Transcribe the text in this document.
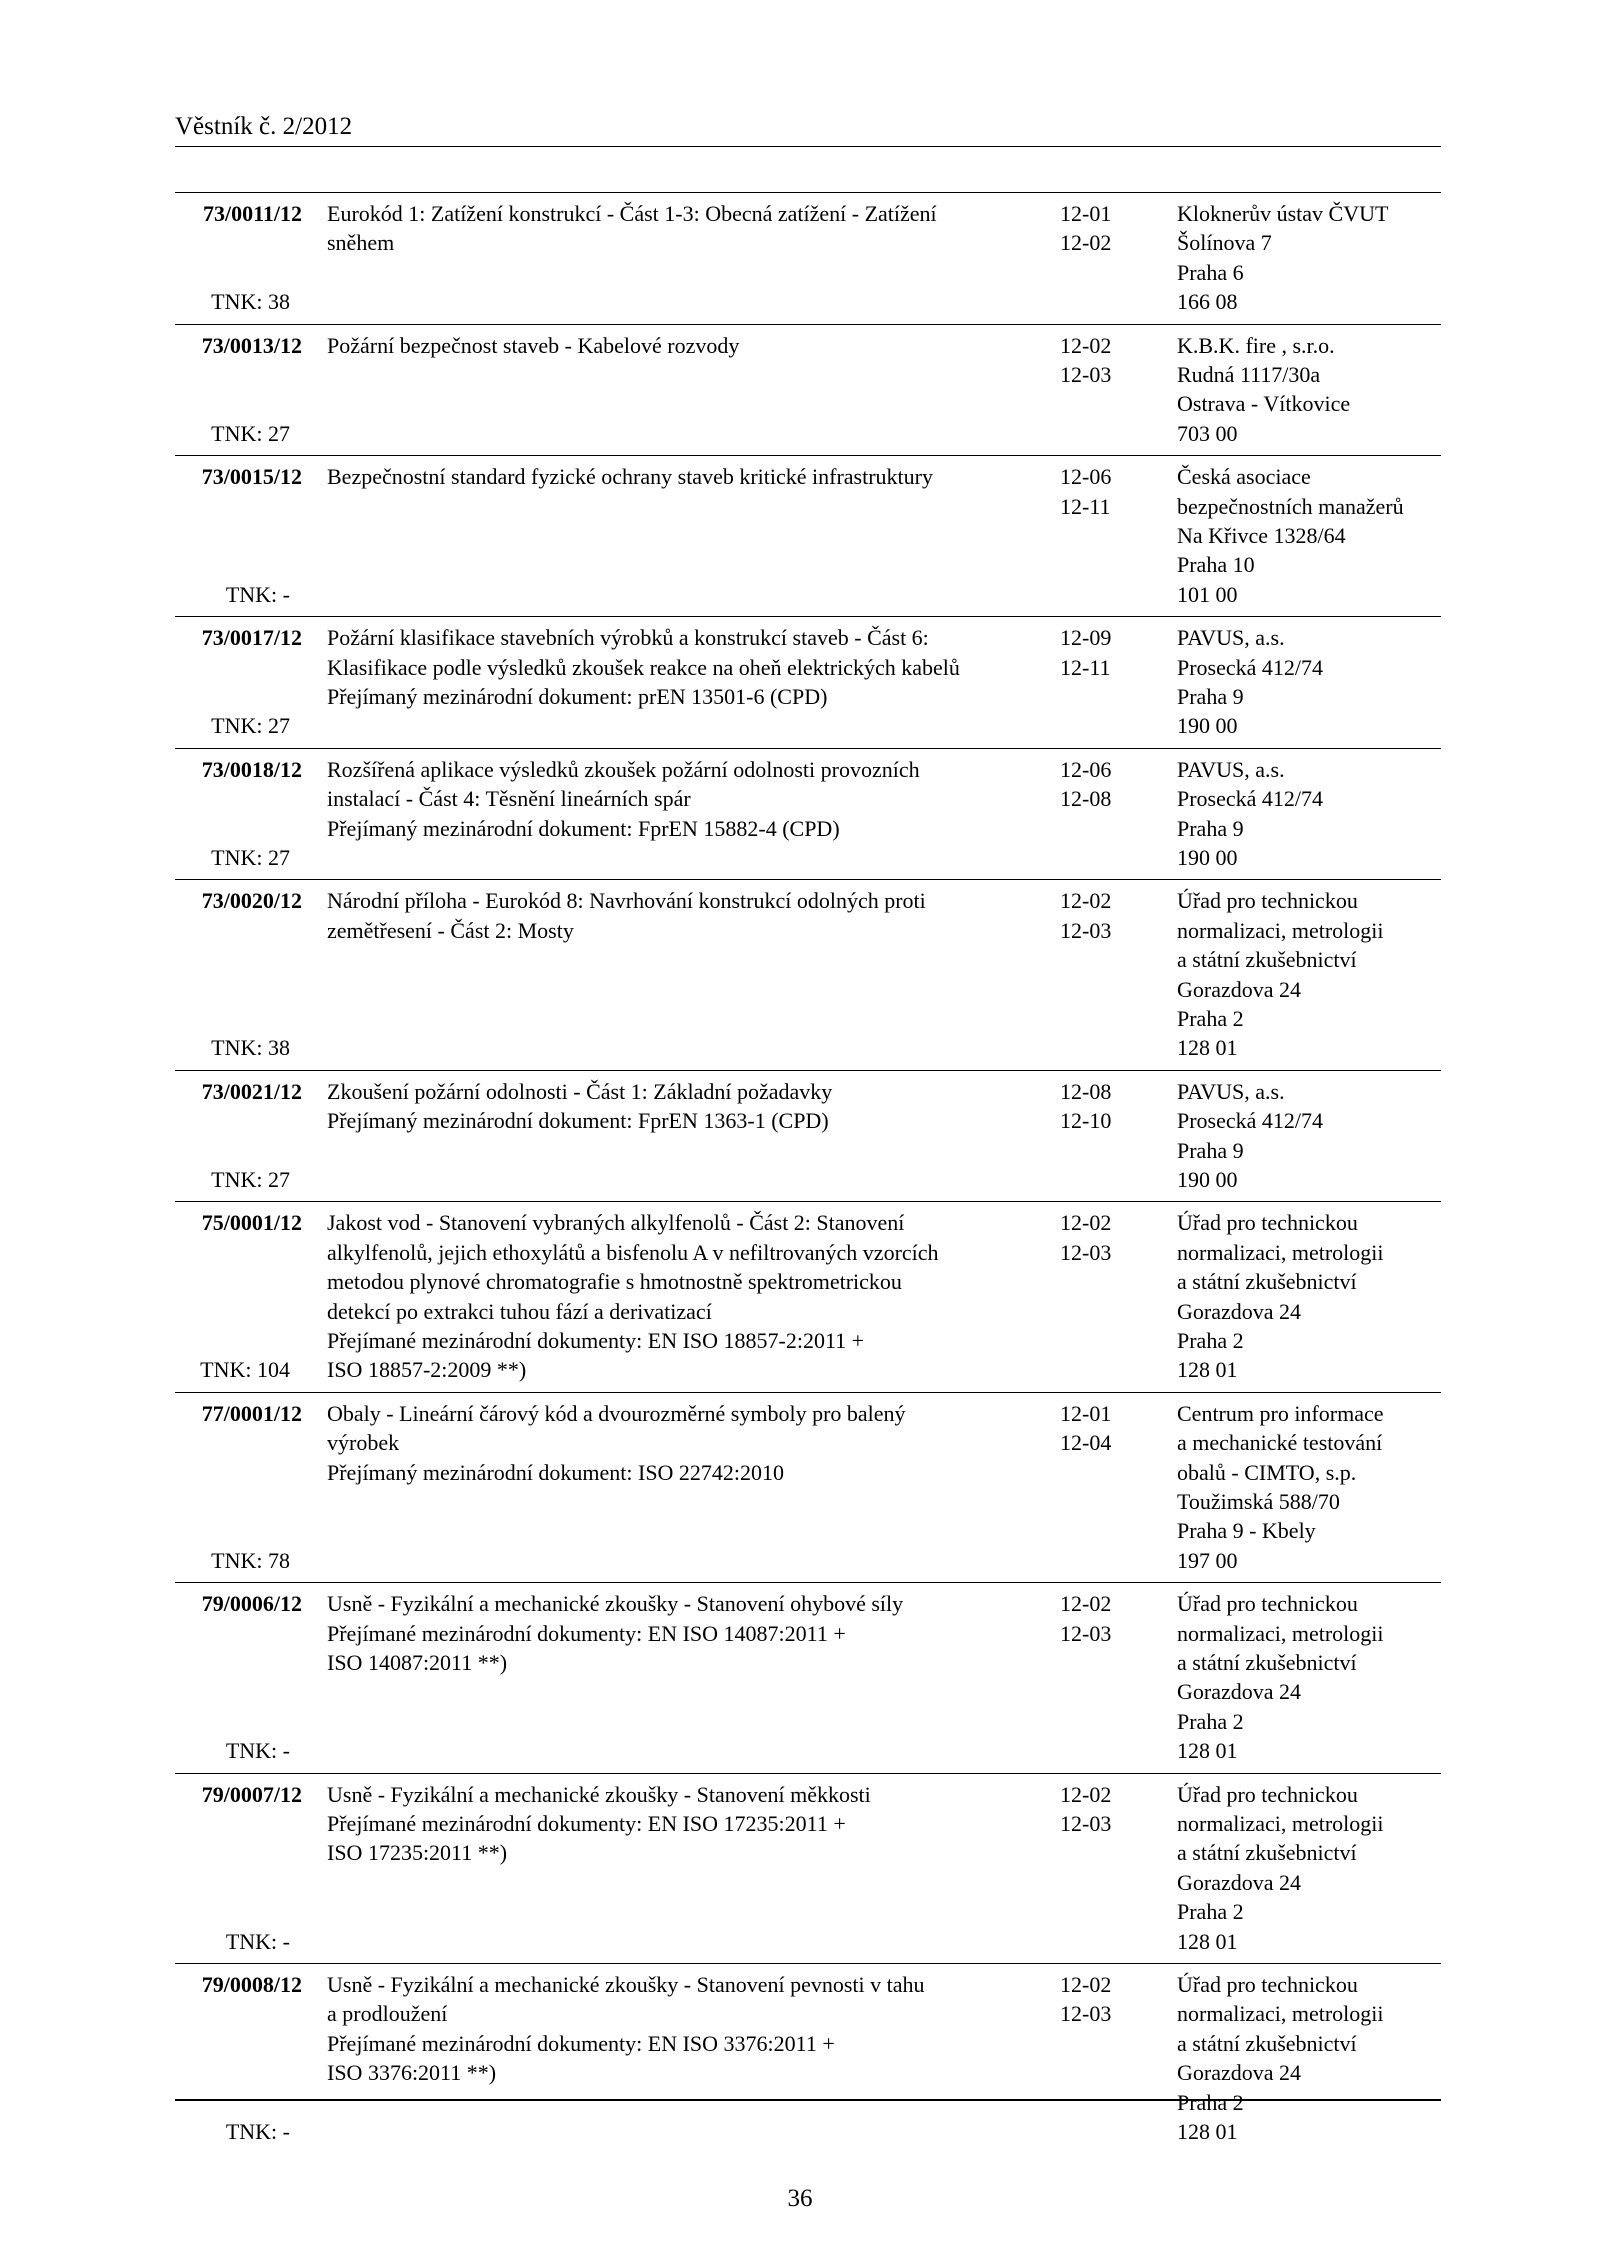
Věstník č. 2/2012
73/0011/12
TNK: 38
Eurokód 1: Zatížení konstrukcí - Část 1-3: Obecná zatížení - Zatížení
sněhem
12-01
12-02
Kloknerův ústav ČVUT
Šolínova 7
Praha 6
166 08
73/0013/12
TNK: 27
Požární bezpečnost staveb - Kabelové rozvody	12-02
12-03
K.B.K. fire , s.r.o.
Rudná 1117/30a
Ostrava - Vítkovice
703 00
73/0015/12
TNK: -
Bezpečnostní standard fyzické ochrany staveb kritické infrastruktury	12-06
12-11
Česká asociace
bezpečnostních manažerů
Na Křivce 1328/64
Praha 10
101 00
73/0017/12
TNK: 27
Požární klasifikace stavebních výrobků a konstrukcí staveb - Část 6:
Klasifikace podle výsledků zkoušek reakce na oheň elektrických kabelů
Přejímaný mezinárodní dokument: prEN 13501-6 (CPD)
12-09
12-11
PAVUS, a.s.
Prosecká 412/74
Praha 9
190 00
73/0018/12
TNK: 27
Rozšířená aplikace výsledků zkoušek požární odolnosti provozních
instalací - Část 4: Těsnění lineárních spár
Přejímaný mezinárodní dokument: FprEN 15882-4 (CPD)
12-06
12-08
PAVUS, a.s.
Prosecká 412/74
Praha 9
190 00
73/0020/12
TNK: 38
Národní příloha - Eurokód 8: Navrhování konstrukcí odolných proti
zemětřesení - Část 2: Mosty
12-02
12-03
Úřad pro technickou
normalizaci, metrologii
a státní zkušebnictví
Gorazdova 24
Praha 2
128 01
73/0021/12
TNK: 27
Zkoušení požární odolnosti - Část 1: Základní požadavky
Přejímaný mezinárodní dokument: FprEN 1363-1 (CPD)
12-08
12-10
PAVUS, a.s.
Prosecká 412/74
Praha 9
190 00
75/0001/12
TNK: 104
Jakost vod - Stanovení vybraných alkylfenolů - Část 2: Stanovení
alkylfenolů, jejich ethoxylátů a bisfenolu A v nefiltrovaných vzorcích
metodou plynové chromatografie s hmotnostně spektrometrickou
detekcí po extrakci tuhou fází a derivatizací
Přejímané mezinárodní dokumenty: EN ISO 18857-2:2011 +
ISO 18857-2:2009 **)
12-02
12-03
Úřad pro technickou
normalizaci, metrologii
a státní zkušebnictví
Gorazdova 24
Praha 2
128 01
77/0001/12
TNK: 78
Obaly - Lineární čárový kód a dvourozměrné symboly pro balený
výrobek
Přejímaný mezinárodní dokument: ISO 22742:2010
12-01
12-04
Centrum pro informace
a mechanické testování
obalů - CIMTO, s.p.
Toužimská 588/70
Praha 9 - Kbely
197 00
79/0006/12
TNK: -
Usně - Fyzikální a mechanické zkoušky - Stanovení ohybové síly
Přejímané mezinárodní dokumenty: EN ISO 14087:2011 +
ISO 14087:2011 **)
12-02
12-03
Úřad pro technickou
normalizaci, metrologii
a státní zkušebnictví
Gorazdova 24
Praha 2
128 01
79/0007/12
TNK: -
Usně - Fyzikální a mechanické zkoušky - Stanovení měkkosti
Přejímané mezinárodní dokumenty: EN ISO 17235:2011 +
ISO 17235:2011 **)
12-02
12-03
Úřad pro technickou
normalizaci, metrologii
a státní zkušebnictví
Gorazdova 24
Praha 2
128 01
79/0008/12
TNK: -
Usně - Fyzikální a mechanické zkoušky - Stanovení pevnosti v tahu
a prodloužení
Přejímané mezinárodní dokumenty: EN ISO 3376:2011 +
ISO 3376:2011 **)
12-02
12-03
Úřad pro technickou
normalizaci, metrologii
a státní zkušebnictví
Gorazdova 24
Praha 2
128 01
36
